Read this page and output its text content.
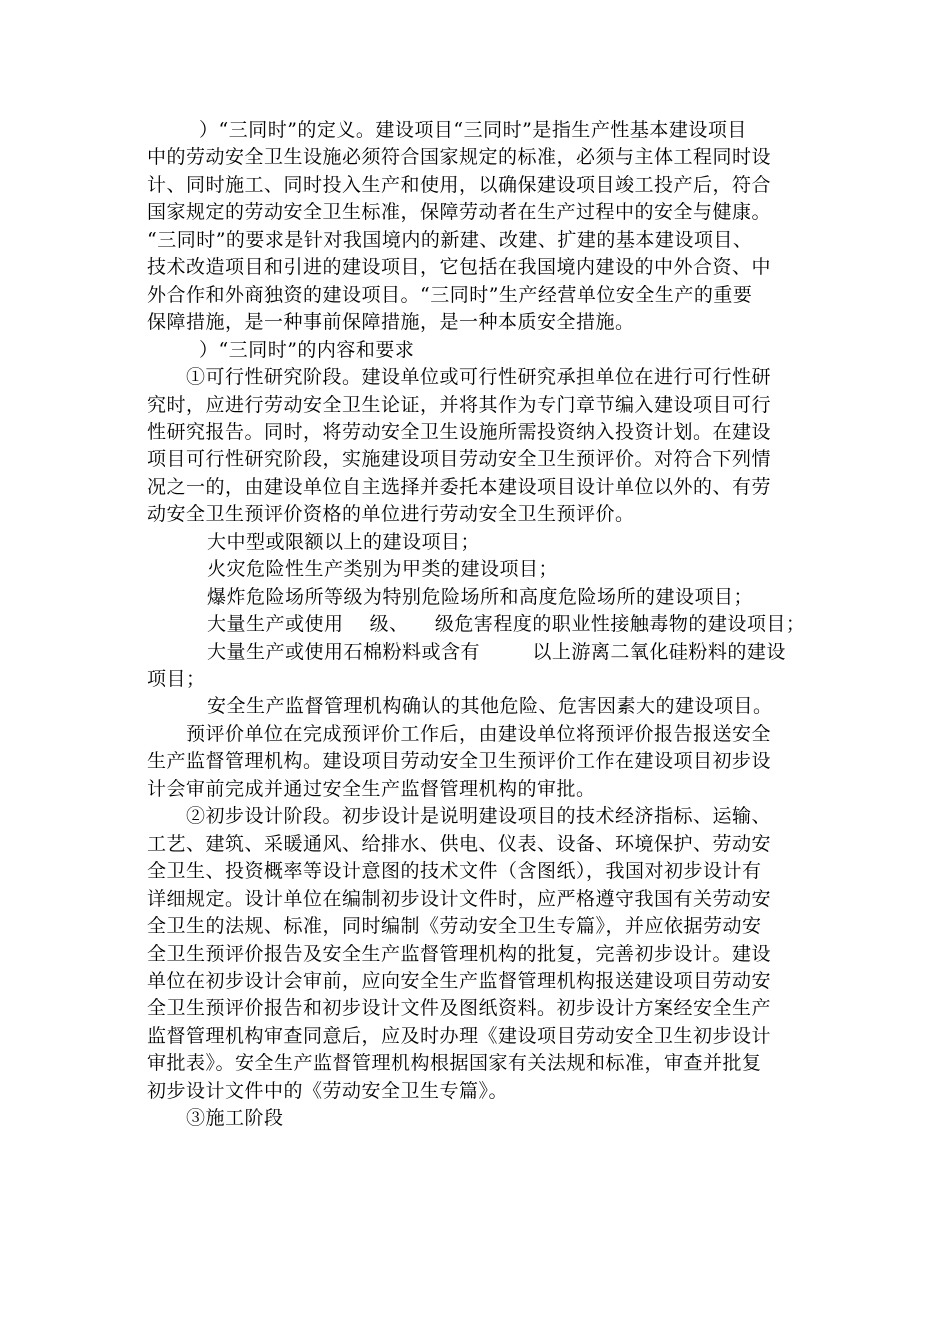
）“三同时”的定义。建设项目“三同时”是指生产性基本建设项目
中的劳动安全卫生设施必须符合国家规定的标准，必须与主体工程同时设
计、同时施工、同时投入生产和使用，以确保建设项目竣工投产后，符合
国家规定的劳动安全卫生标准，保障劳动者在生产过程中的安全与健康。
“三同时”的要求是针对我国境内的新建、改建、扩建的基本建设项目、
技术改造项目和引进的建设项目，它包括在我国境内建设的中外合资、中
外合作和外商独资的建设项目。“三同时”生产经营单位安全生产的重要
保障措施，是一种事前保障措施，是一种本质安全措施。
）“三同时”的内容和要求
①可行性研究阶段。建设单位或可行性研究承担单位在进行可行性研
究时，应进行劳动安全卫生论证，并将其作为专门章节编入建设项目可行
性研究报告。同时，将劳动安全卫生设施所需投资纳入投资计划。在建设
项目可行性研究阶段，实施建设项目劳动安全卫生预评价。对符合下列情
况之一的，由建设单位自主选择并委托本建设项目设计单位以外的、有劳
动安全卫生预评价资格的单位进行劳动安全卫生预评价。
大中型或限额以上的建设项目；
火灾危险性生产类别为甲类的建设项目；
爆炸危险场所等级为特别危险场所和高度危险场所的建设项目；
大量生产或使用    级、    级危害程度的职业性接触毒物的建设项目；
大量生产或使用石棉粉料或含有        以上游离二氧化硅粉料的建设
项目；
安全生产监督管理机构确认的其他危险、危害因素大的建设项目。
预评价单位在完成预评价工作后，由建设单位将预评价报告报送安全
生产监督管理机构。建设项目劳动安全卫生预评价工作在建设项目初步设
计会审前完成并通过安全生产监督管理机构的审批。
②初步设计阶段。初步设计是说明建设项目的技术经济指标、运输、
工艺、建筑、采暖通风、给排水、供电、仪表、设备、环境保护、劳动安
全卫生、投资概率等设计意图的技术文件（含图纸），我国对初步设计有
详细规定。设计单位在编制初步设计文件时，应严格遵守我国有关劳动安
全卫生的法规、标准，同时编制《劳动安全卫生专篇》，并应依据劳动安
全卫生预评价报告及安全生产监督管理机构的批复，完善初步设计。建设
单位在初步设计会审前，应向安全生产监督管理机构报送建设项目劳动安
全卫生预评价报告和初步设计文件及图纸资料。初步设计方案经安全生产
监督管理机构审查同意后，应及时办理《建设项目劳动安全卫生初步设计
审批表》。安全生产监督管理机构根据国家有关法规和标准，审查并批复
初步设计文件中的《劳动安全卫生专篇》。
③施工阶段
